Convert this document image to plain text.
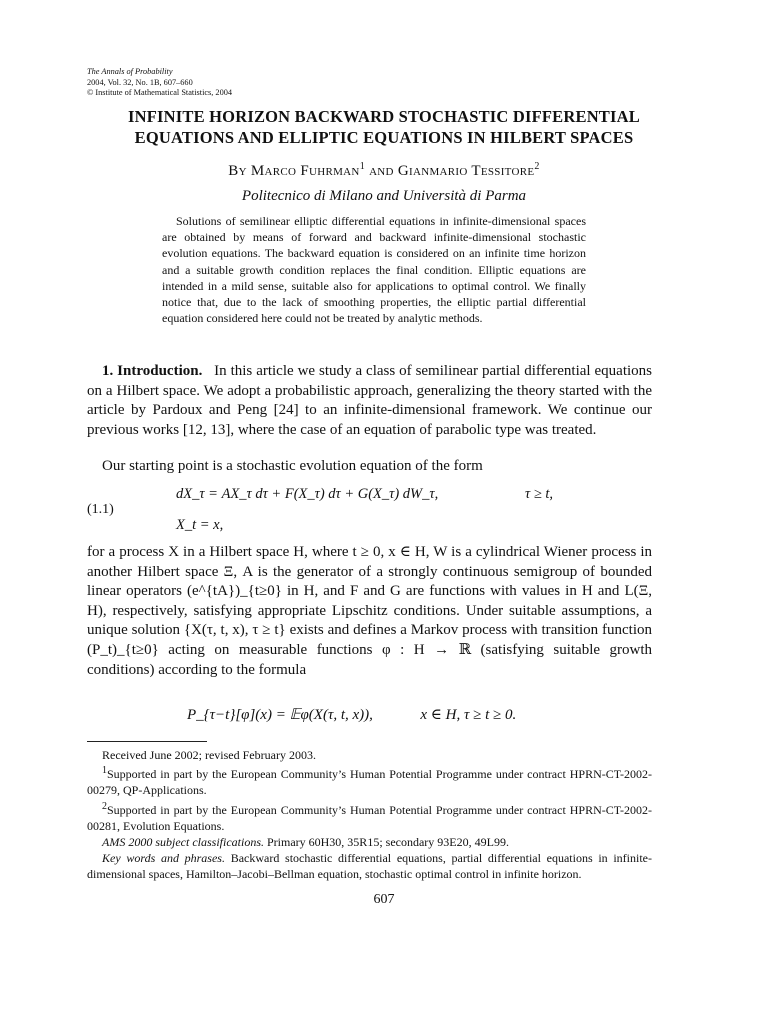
The Annals of Probability
2004, Vol. 32, No. 1B, 607–660
© Institute of Mathematical Statistics, 2004
INFINITE HORIZON BACKWARD STOCHASTIC DIFFERENTIAL
EQUATIONS AND ELLIPTIC EQUATIONS IN HILBERT SPACES
By Marco Fuhrman$^1$ and Gianmario Tessitore$^2$
Politecnico di Milano and Università di Parma

Solutions of semilinear elliptic differential equations in infinite-dimensional spaces are obtained by means of forward and backward infinite-dimensional stochastic evolution equations. The backward equation is considered on an infinite time horizon and a suitable growth condition replaces the final condition. Elliptic equations are intended in a mild sense, suitable also for applications to optimal control. We finally notice that, due to the lack of smoothing properties, the elliptic partial differential equation considered here could not be treated by analytic methods.

1. Introduction. In this article we study a class of semilinear partial differential equations on a Hilbert space. We adopt a probabilistic approach, generalizing the theory started with the article by Pardoux and Peng [24] to an infinite-dimensional framework. We continue our previous works [12, 13], where the case of an equation of parabolic type was treated.

Our starting point is a stochastic evolution equation of the form

(1.1)
dX_τ = AX_τ dτ + F(X_τ) dτ + G(X_τ) dW_τ,	τ ≥ t,
X_t = x,

for a process X in a Hilbert space H, where t ≥ 0, x ∈ H, W is a cylindrical Wiener process in another Hilbert space Ξ, A is the generator of a strongly continuous semigroup of bounded linear operators (e^{tA})_{t≥0} in H, and F and G are functions with values in H and L(Ξ, H), respectively, satisfying appropriate Lipschitz conditions. Under suitable assumptions, a unique solution {X(τ, t, x), τ ≥ t} exists and defines a Markov process with transition function (P_t)_{t≥0} acting on measurable functions φ : H → ℝ (satisfying suitable growth conditions) according to the formula

P_{τ−t}[φ](x) = 𝔼φ(X(τ, t, x)),	x ∈ H, τ ≥ t ≥ 0.

Received June 2002; revised February 2003.

$^1$Supported in part by the European Community’s Human Potential Programme under contract HPRN-CT-2002-00279, QP-Applications.

$^2$Supported in part by the European Community’s Human Potential Programme under contract HPRN-CT-2002-00281, Evolution Equations.

AMS 2000 subject classifications. Primary 60H30, 35R15; secondary 93E20, 49L99.

Key words and phrases. Backward stochastic differential equations, partial differential equations in infinite-dimensional spaces, Hamilton–Jacobi–Bellman equation, stochastic optimal control in infinite horizon.

607
